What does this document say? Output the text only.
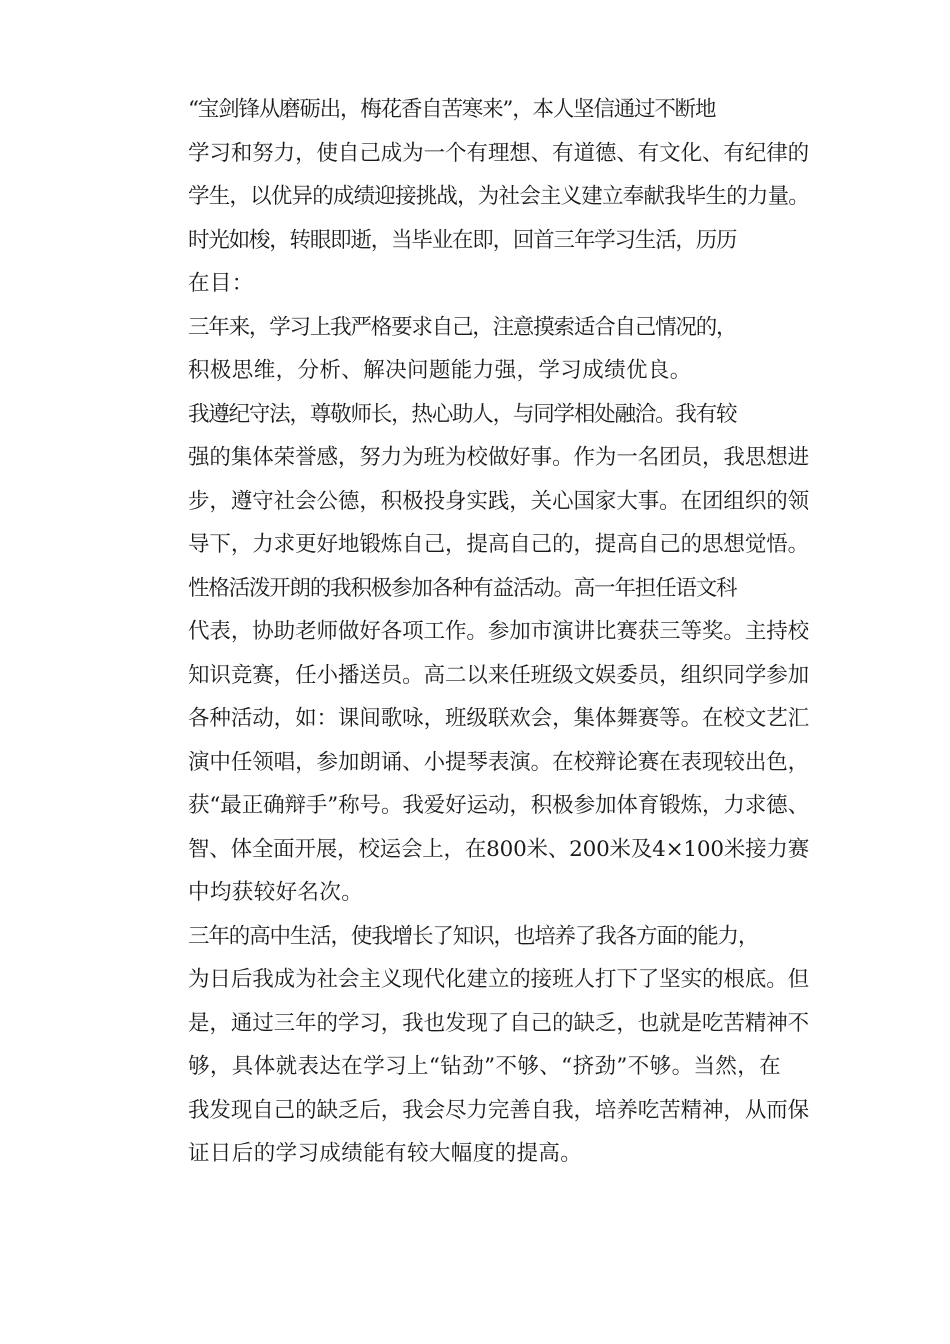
“宝剑锋从磨砺出，梅花香自苦寒来”，本人坚信通过不断地
学习和努力，使自己成为一个有理想、有道德、有文化、有纪律的
学生，以优异的成绩迎接挑战，为社会主义建立奉献我毕生的力量。

时光如梭，转眼即逝，当毕业在即，回首三年学习生活，历历
在目：

三年来，学习上我严格要求自己，注意摸索适合自己情况的，
积极思维，分析、解决问题能力强，学习成绩优良。

我遵纪守法，尊敬师长，热心助人，与同学相处融洽。我有较
强的集体荣誉感，努力为班为校做好事。作为一名团员，我思想进
步，遵守社会公德，积极投身实践，关心国家大事。在团组织的领
导下，力求更好地锻炼自己，提高自己的，提高自己的思想觉悟。

性格活泼开朗的我积极参加各种有益活动。高一年担任语文科
代表，协助老师做好各项工作。参加市演讲比赛获三等奖。主持校
知识竞赛，任小播送员。高二以来任班级文娱委员，组织同学参加
各种活动，如：课间歌咏，班级联欢会，集体舞赛等。在校文艺汇
演中任领唱，参加朗诵、小提琴表演。在校辩论赛在表现较出色，
获“最正确辩手”称号。我爱好运动，积极参加体育锻炼，力求德、
智、体全面开展，校运会上，在800米、200米及4×100米接力赛
中均获较好名次。

三年的高中生活，使我增长了知识，也培养了我各方面的能力，
为日后我成为社会主义现代化建立的接班人打下了坚实的根底。但
是，通过三年的学习，我也发现了自己的缺乏，也就是吃苦精神不
够，具体就表达在学习上“钻劲”不够、“挤劲”不够。当然，在
我发现自己的缺乏后，我会尽力完善自我，培养吃苦精神，从而保
证日后的学习成绩能有较大幅度的提高。
